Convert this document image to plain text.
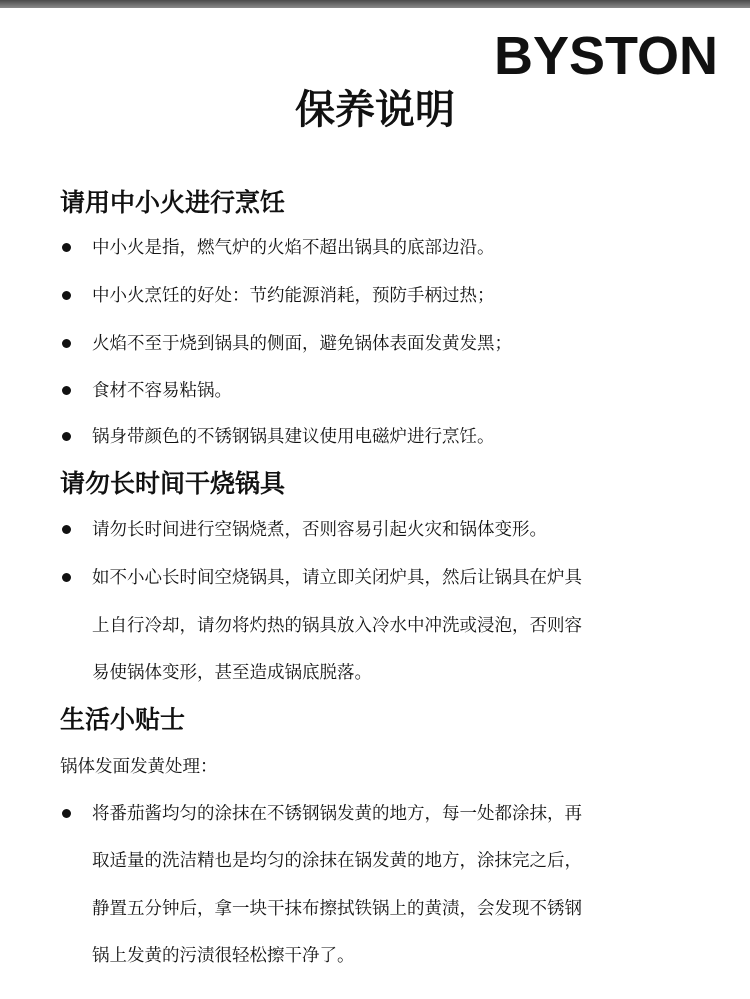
BYSTON
保养说明
请用中小火进行烹饪
中小火是指，燃气炉的火焰不超出锅具的底部边沿。
中小火烹饪的好处：节约能源消耗，预防手柄过热；
火焰不至于烧到锅具的侧面，避免锅体表面发黄发黑；
食材不容易粘锅。
锅身带颜色的不锈钢锅具建议使用电磁炉进行烹饪。
请勿长时间干烧锅具
请勿长时间进行空锅烧煮，否则容易引起火灾和锅体变形。
如不小心长时间空烧锅具，请立即关闭炉具，然后让锅具在炉具
上自行冷却，请勿将灼热的锅具放入冷水中冲洗或浸泡，否则容
易使锅体变形，甚至造成锅底脱落。
生活小贴士
锅体发面发黄处理：
将番茄酱均匀的涂抹在不锈钢锅发黄的地方，每一处都涂抹，再
取适量的洗洁精也是均匀的涂抹在锅发黄的地方，涂抹完之后，
静置五分钟后，拿一块干抹布擦拭铁锅上的黄渍，会发现不锈钢
锅上发黄的污渍很轻松擦干净了。
